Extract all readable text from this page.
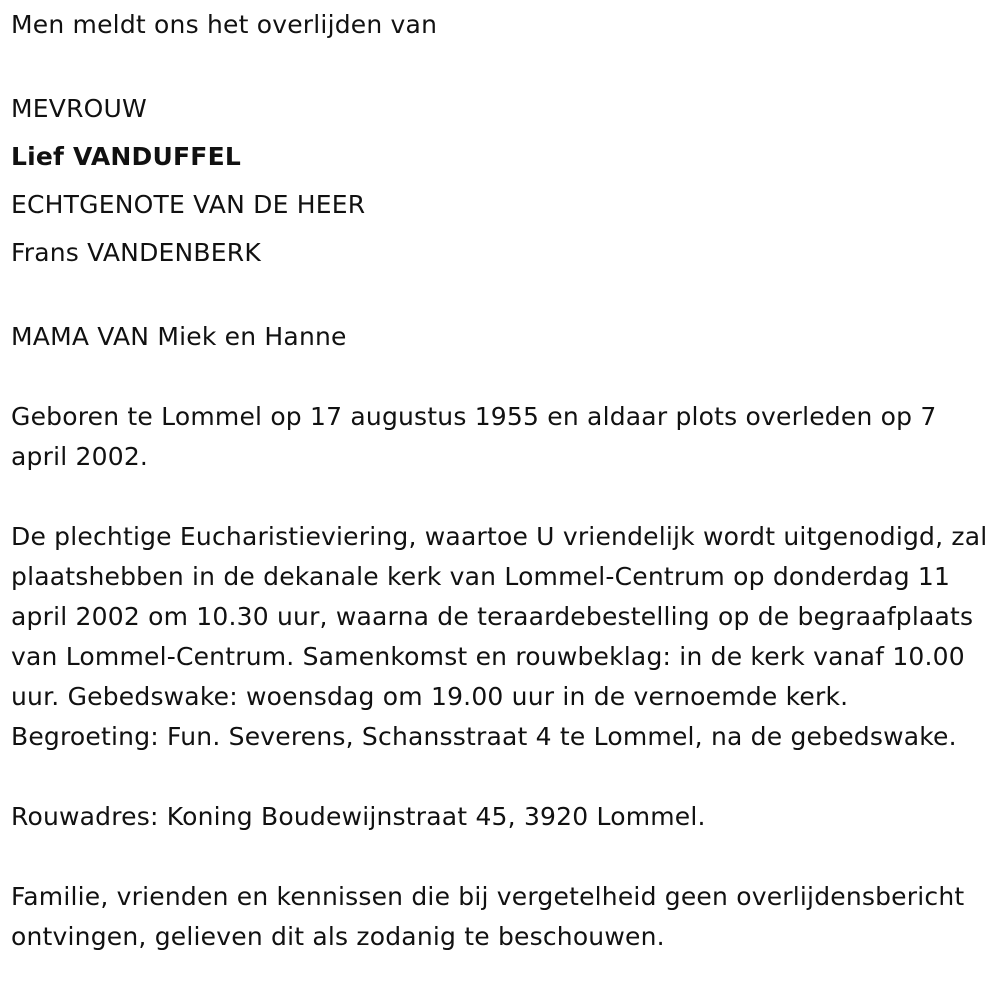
Men meldt ons het overlijden van
MEVROUW
Lief VANDUFFEL
ECHTGENOTE VAN DE HEER
Frans VANDENBERK
MAMA VAN Miek en Hanne
Geboren te Lommel op 17 augustus 1955 en aldaar plots overleden op 7 april 2002.
De plechtige Eucharistieviering, waartoe U vriendelijk wordt uitgenodigd, zal plaatshebben in de dekanale kerk van Lommel-Centrum op donderdag 11 april 2002 om 10.30 uur, waarna de teraardebestelling op de begraafplaats van Lommel-Centrum. Samenkomst en rouwbeklag: in de kerk vanaf 10.00 uur. Gebedswake: woensdag om 19.00 uur in de vernoemde kerk. Begroeting: Fun. Severens, Schansstraat 4 te Lommel, na de gebedswake.
Rouwadres: Koning Boudewijnstraat 45, 3920 Lommel.
Familie, vrienden en kennissen die bij vergetelheid geen overlijdensbericht ontvingen, gelieven dit als zodanig te beschouwen.
